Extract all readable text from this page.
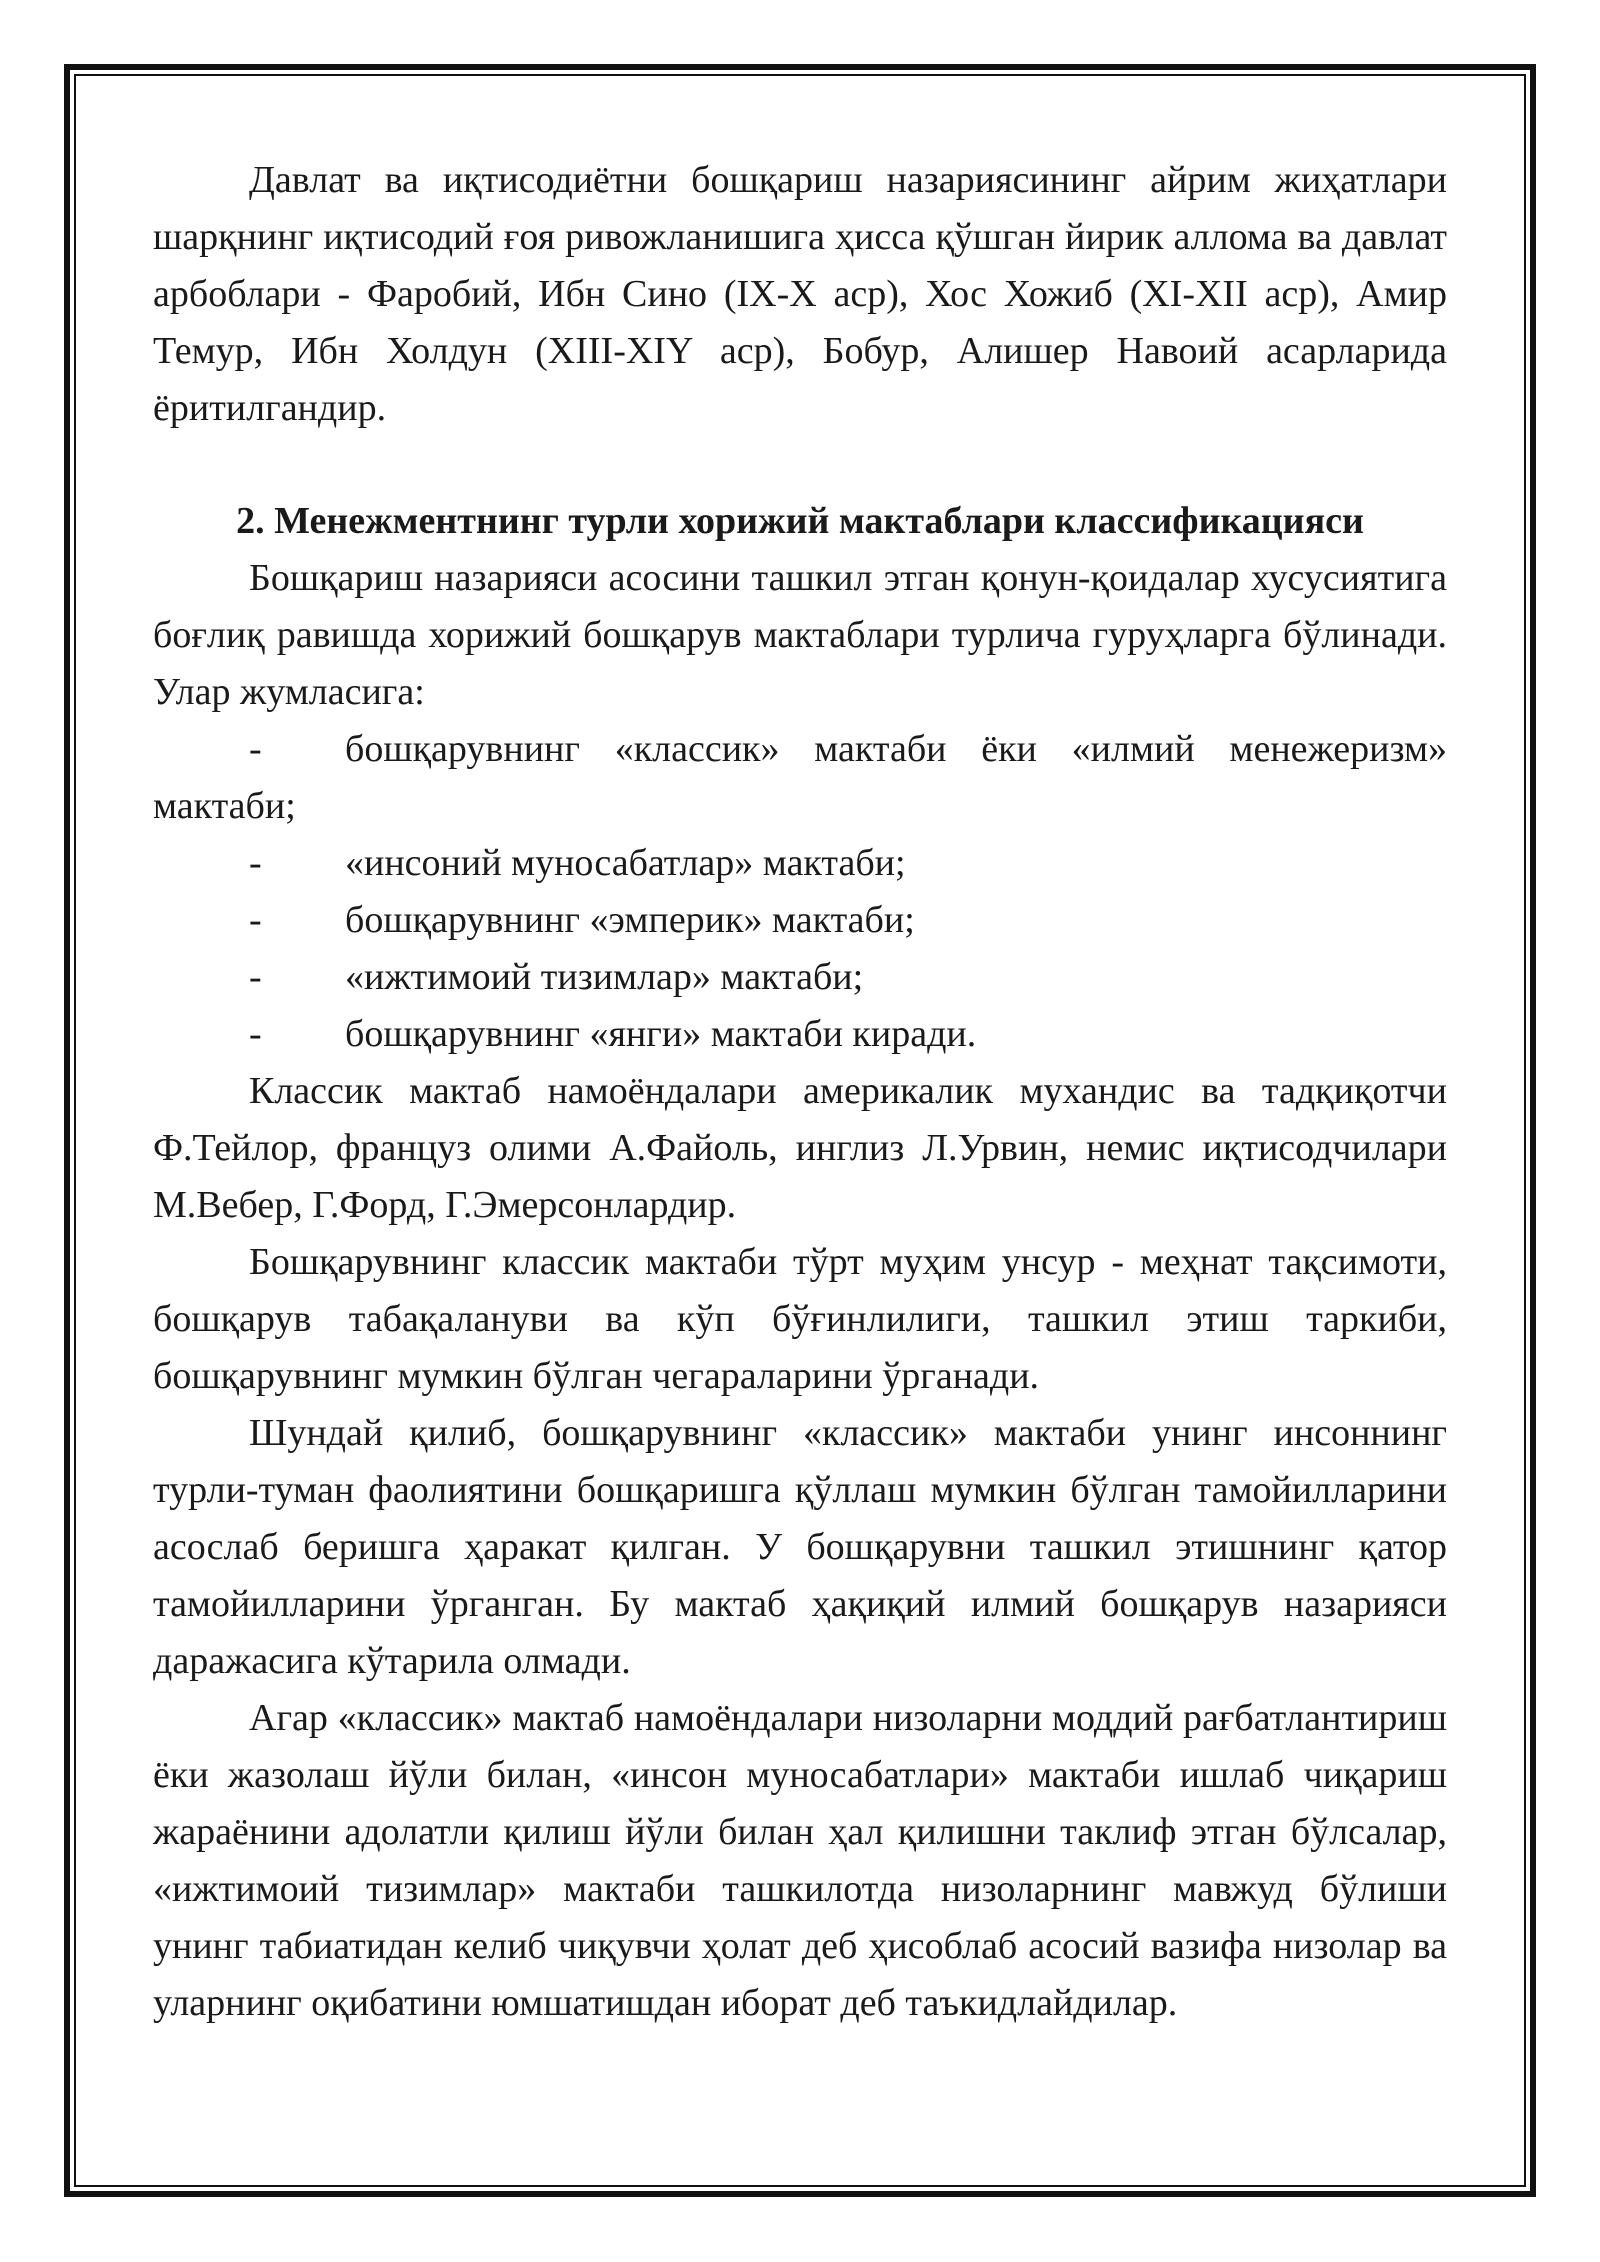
Давлат ва иқтисодиётни бошқариш назариясининг айрим жиҳатлари шарқнинг иқтисодий ғоя ривожланишига ҳисса қўшган йирик аллома ва давлат арбоблари - Фаробий, Ибн Сино (IX-X аср), Хос Хожиб (XI-XII аср), Амир Темур, Ибн Холдун (XIII-XIY аср), Бобур, Алишер Навоий асарларида ёритилгандир.

2. Менежментнинг турли хорижий мактаблари классификацияси

Бошқариш назарияси асосини ташкил этган қонун-қоидалар хусусиятига боғлиқ равишда хорижий бошқарув мактаблари турлича гуруҳларга бўлинади. Улар жумласига:

- бошқарувнинг «классик» мактаби ёки «илмий менежеризм» мактаби;

- «инсоний муносабатлар» мактаби;

- бошқарувнинг «эмперик» мактаби;

- «ижтимоий тизимлар» мактаби;

- бошқарувнинг «янги» мактаби киради.

Классик мактаб намоёндалари америкалик мухандис ва тадқиқотчи Ф.Тейлор, француз олими А.Файоль, инглиз Л.Урвин, немис иқтисодчилари М.Вебер, Г.Форд, Г.Эмерсонлардир.

Бошқарувнинг классик мактаби тўрт муҳим унсур - меҳнат тақсимоти, бошқарув табақалануви ва кўп бўғинлилиги, ташкил этиш таркиби, бошқарувнинг мумкин бўлган чегараларини ўрганади.

Шундай қилиб, бошқарувнинг «классик» мактаби унинг инсоннинг турли-туман фаолиятини бошқаришга қўллаш мумкин бўлган тамойилларини асослаб беришга ҳаракат қилган. У бошқарувни ташкил этишнинг қатор тамойилларини ўрганган. Бу мактаб ҳақиқий илмий бошқарув назарияси даражасига кўтарила олмади.

Агар «классик» мактаб намоёндалари низоларни моддий рағбатлантириш ёки жазолаш йўли билан, «инсон муносабатлари» мактаби ишлаб чиқариш жараёнини адолатли қилиш йўли билан ҳал қилишни таклиф этган бўлсалар, «ижтимоий тизимлар» мактаби ташкилотда низоларнинг мавжуд бўлиши унинг табиатидан келиб чиқувчи ҳолат деб ҳисоблаб асосий вазифа низолар ва уларнинг оқибатини юмшатишдан иборат деб таъкидлайдилар.
